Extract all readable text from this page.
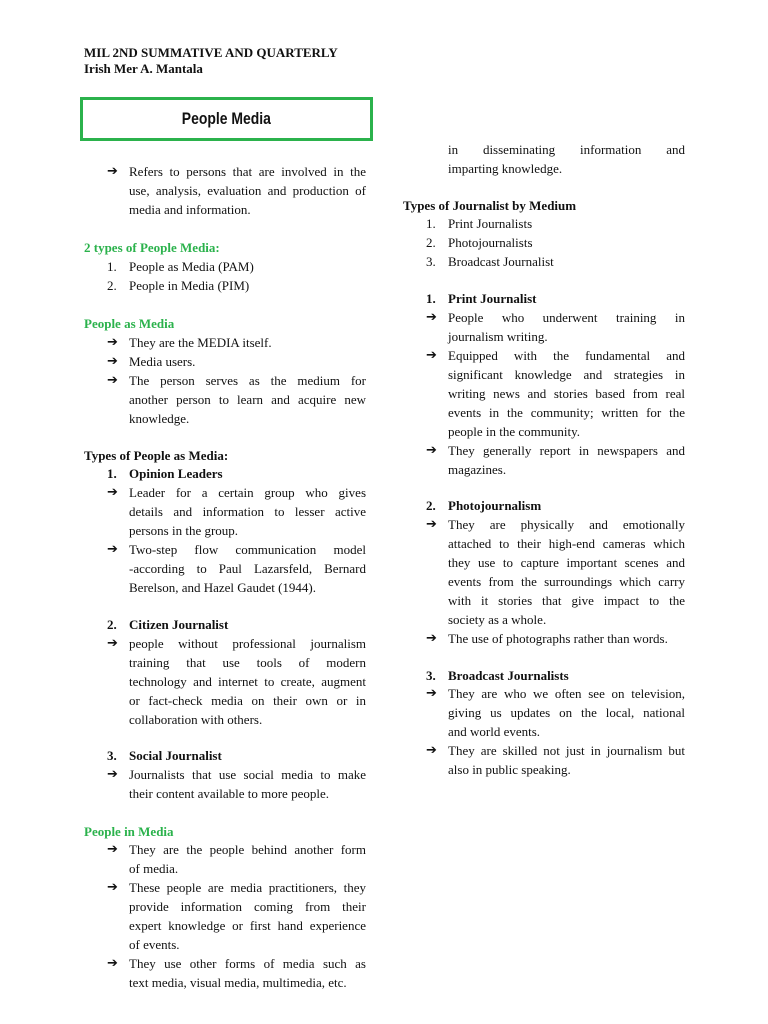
MIL 2ND SUMMATIVE AND QUARTERLY
Irish Mer A. Mantala
People Media
➔ Refers to persons that are involved in the
use, analysis, evaluation and production of
media and information.
2 types of People Media:
1. People as Media (PAM)
2. People in Media (PIM)
People as Media
➔ They are the MEDIA itself.
➔ Media users.
➔ The person serves as the medium for
another person to learn and acquire new
knowledge.
Types of People as Media:
1. Opinion Leaders
➔ Leader for a certain group who gives
details and information to lesser active
persons in the group.
➔ Two-step flow communication model
-according to Paul Lazarsfeld, Bernard
Berelson, and Hazel Gaudet (1944).
2. Citizen Journalist
➔ people without professional journalism
training that use tools of modern
technology and internet to create, augment
or fact-check media on their own or in
collaboration with others.
3. Social Journalist
➔ Journalists that use social media to make
their content available to more people.
People in Media
➔ They are the people behind another form
of media.
➔ These people are media practitioners, they
provide information coming from their
expert knowledge or first hand experience
of events.
➔ They use other forms of media such as
text media, visual media, multimedia, etc.
in disseminating information and
imparting knowledge.
Types of Journalist by Medium
1. Print Journalists
2. Photojournalists
3. Broadcast Journalist
1. Print Journalist
➔ People who underwent training in
journalism writing.
➔ Equipped with the fundamental and
significant knowledge and strategies in
writing news and stories based from real
events in the community; written for the
people in the community.
➔ They generally report in newspapers and
magazines.
2. Photojournalism
➔ They are physically and emotionally
attached to their high-end cameras which
they use to capture important scenes and
events from the surroundings which carry
with it stories that give impact to the
society as a whole.
➔ The use of photographs rather than words.
3. Broadcast Journalists
➔ They are who we often see on television,
giving us updates on the local, national
and world events.
➔ They are skilled not just in journalism but
also in public speaking.
